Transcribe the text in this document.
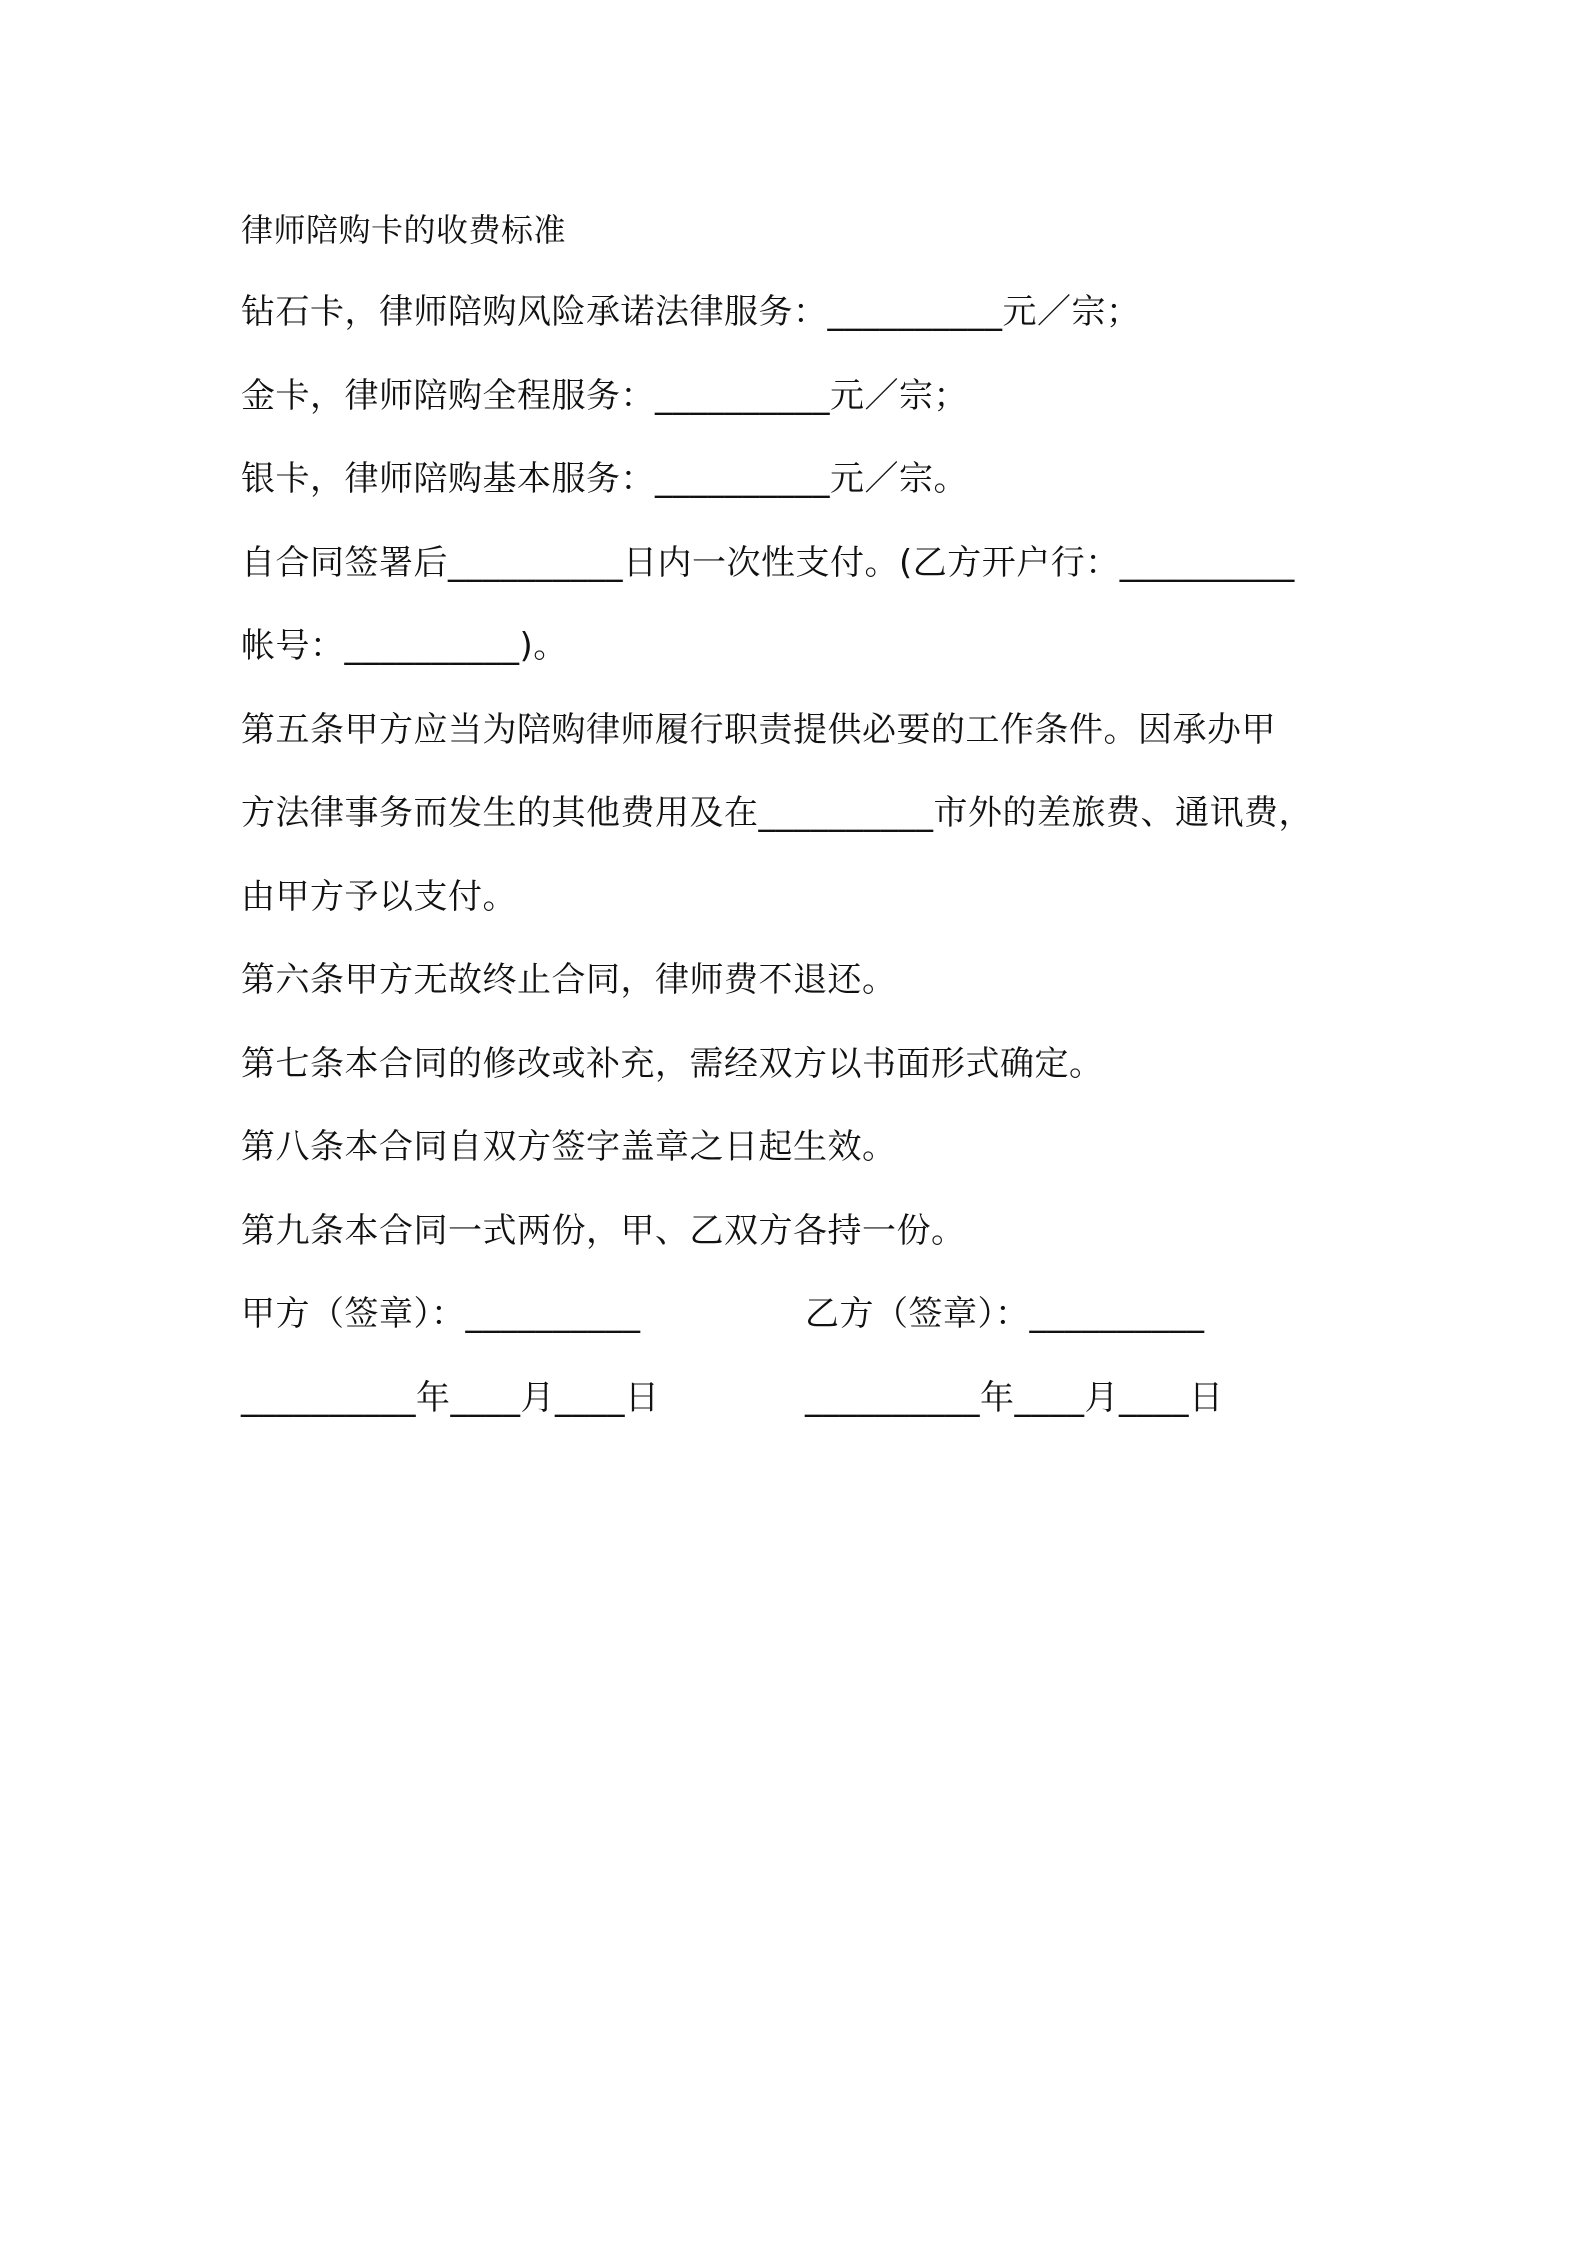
律师陪购卡的收费标准
钻石卡，律师陪购风险承诺法律服务：__________元／宗；
金卡，律师陪购全程服务：__________元／宗；
银卡，律师陪购基本服务：__________元／宗。
自合同签署后__________日内一次性支付。(乙方开户行：__________
帐号：__________)。
第五条甲方应当为陪购律师履行职责提供必要的工作条件。因承办甲
方法律事务而发生的其他费用及在__________市外的差旅费、通讯费，
由甲方予以支付。
第六条甲方无故终止合同，律师费不退还。
第七条本合同的修改或补充，需经双方以书面形式确定。
第八条本合同自双方签字盖章之日起生效。
第九条本合同一式两份，甲、乙双方各持一份。
甲方（签章）：__________	乙方（签章）：__________
__________年____月____日	__________年____月____日
